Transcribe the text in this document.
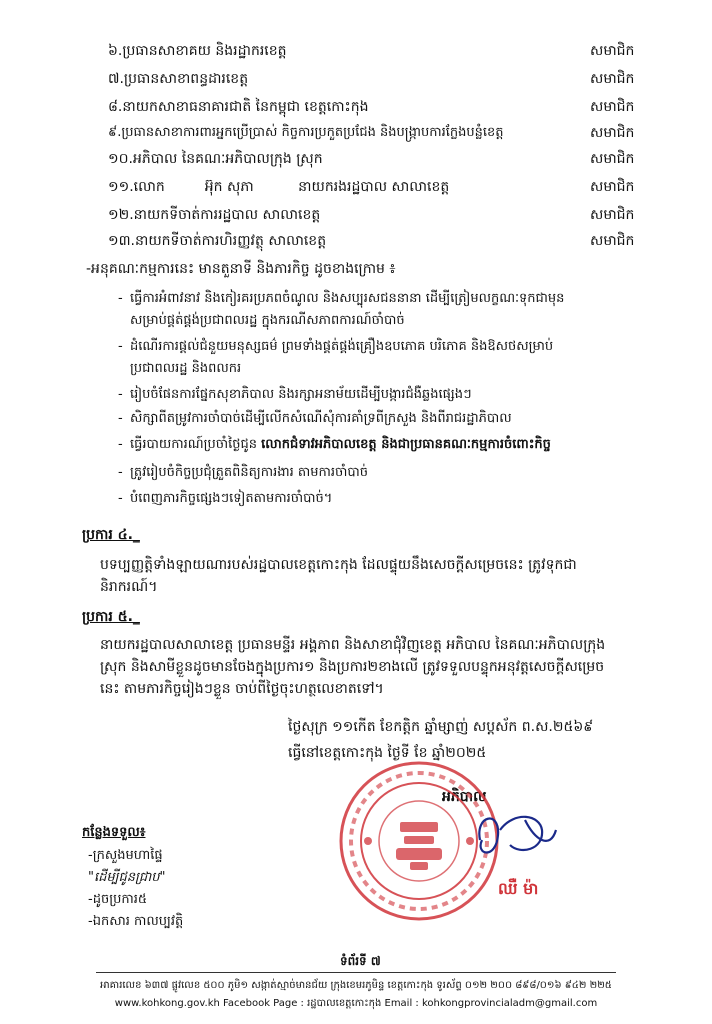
៦.ប្រធានសាខាគយ និងរដ្ឋាករខេត្ត	សមាជិក
៧.ប្រធានសាខាពន្ធដារខេត្ត	សមាជិក
៨.នាយកសាខាធនាគារជាតិ នៃកម្ពុជា ខេត្តកោះកុង	សមាជិក
៩.ប្រធានសាខាការពារអ្នកប្រើប្រាស់ កិច្ចការប្រកួតប្រជែង និងបង្ក្រាបការក្លែងបន្លំខេត្ត	សមាជិក
១០.អភិបាល នៃគណៈអភិបាលក្រុង ស្រុក	សមាជិក
១១.លោក         អ៊ុក សុភា          នាយករងរដ្ឋបាល សាលាខេត្ត	សមាជិក
១២.នាយកទីចាត់ការរដ្ឋបាល សាលាខេត្ត	សមាជិក
១៣.នាយកទីចាត់ការហិរញ្ញវត្ថុ សាលាខេត្ត	សមាជិក
-អនុគណៈកម្មការនេះ មានតួនាទី និងភារកិច្ច ដូចខាងក្រោម ៖
- ធ្វើការអំពាវនាវ និងកៀរគរប្រភពចំណូល និងសប្បុរសជននានា ដើម្បីត្រៀមលក្ខណៈទុកជាមុន
សម្រាប់ផ្គត់ផ្គង់ប្រជាពលរដ្ឋ ក្នុងករណីសភាពការណ៍ចាំបាច់
- ដំណើរការផ្តល់ជំនួយមនុស្សធម៌ ព្រមទាំងផ្គត់ផ្គង់គ្រឿងឧបភោគ បរិភោគ និងឱសថសម្រាប់
ប្រជាពលរដ្ឋ និងពលករ
- រៀបចំផែនការផ្នែកសុខាភិបាល និងរក្សាអនាម័យដើម្បីបង្ការជំងឺឆ្លងផ្សេងៗ
- សិក្សាពីតម្រូវការចាំបាច់ដើម្បីលើកសំណើសុំការគាំទ្រពីក្រសួង និងពីរាជរដ្ឋាភិបាល
- ធ្វើរបាយការណ៍ប្រចាំថ្ងៃជូន លោកជំទាវអភិបាលខេត្ត និងជាប្រធានគណៈកម្មការចំពោះកិច្ច
- ត្រូវរៀបចំកិច្ចប្រជុំត្រួតពិនិត្យការងារ តាមការចាំបាច់
- បំពេញភារកិច្ចផ្សេងៗទៀតតាមការចាំបាច់។
ប្រការ ៤._
បទប្បញ្ញត្តិទាំងឡាយណារបស់រដ្ឋបាលខេត្តកោះកុង ដែលផ្ទុយនឹងសេចក្តីសម្រេចនេះ ត្រូវទុកជានិរាករណ៍។
ប្រការ ៥._
នាយករដ្ឋបាលសាលាខេត្ត ប្រធានមន្ទីរ អង្គភាព និងសាខាជុំវិញខេត្ត អភិបាល នៃគណៈអភិបាលក្រុង ស្រុក និងសាមីខ្លួនដូចមានចែងក្នុងប្រការ១ និងប្រការ២ខាងលើ ត្រូវទទួលបន្ទុកអនុវត្តសេចក្តីសម្រេចនេះ តាមភារកិច្ចរៀងៗខ្លួន ចាប់ពីថ្ងៃចុះហត្ថលេខាតទៅ។
ថ្ងៃសុក្រ ១១កើត ខែកត្តិក ឆ្នាំម្សាញ់ សប្តស័ក ព.ស.២៥៦៩
ធ្វើនៅខេត្តកោះកុង ថ្ងៃទី ខែ ឆ្នាំ២០២៥
អភិបាល
ឈឺ ម៉ា
កន្លែងទទួល៖
-ក្រសួងមហាផ្ទៃ
"ដើម្បីជូនជ្រាប"
-ដូចប្រការ៥
-ឯកសារ កាលប្បវត្តិ
ទំព័រទី ៧
អាគារលេខ ៦៣៧ ផ្លូវលេខ ៥០០ ភូមិ១ សង្កាត់ស្មាច់មានជ័យ ក្រុងខេមរភូមិន្ទ ខេត្តកោះកុង ទូរស័ព្ទ ០១២ ២០០ ៨៩៨/០១៦ ៩៤២ ២២៥
www.kohkong.gov.kh Facebook Page : រដ្ឋបាលខេត្តកោះកុង Email : kohkongprovincialadm@gmail.com
